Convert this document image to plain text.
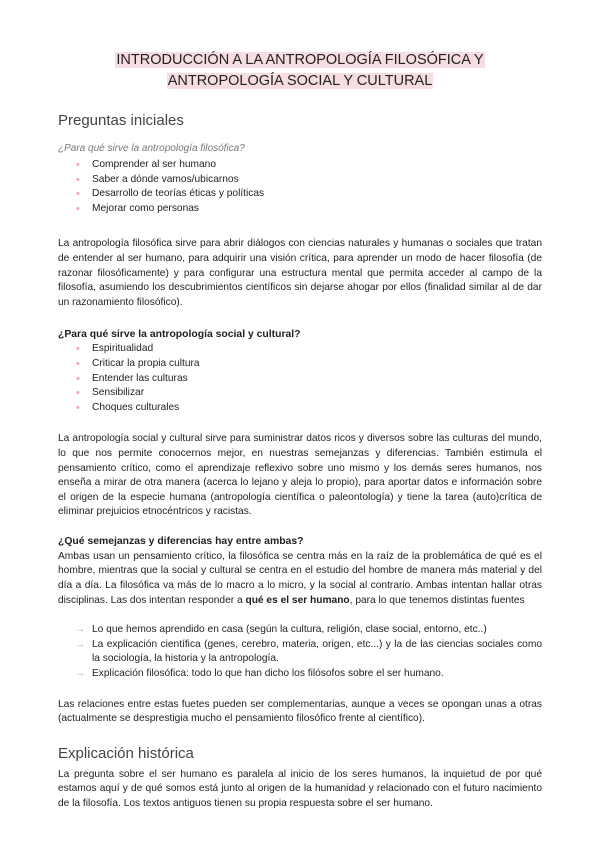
INTRODUCCIÓN A LA ANTROPOLOGÍA FILOSÓFICA Y
ANTROPOLOGÍA SOCIAL Y CULTURAL
Preguntas iniciales

¿Para qué sirve la antropología filosófica?

• Comprender al ser humano
• Saber a dónde vamos/ubicarnos
• Desarrollo de teorías éticas y políticas
• Mejorar como personas

La antropología filosófica sirve para abrir diálogos con ciencias naturales y humanas o sociales que tratan de entender al ser humano, para adquirir una visión crítica, para aprender un modo de hacer filosofía (de razonar filosóficamente) y para configurar una estructura mental que permita acceder al campo de la filosofía, asumiendo los descubrimientos científicos sin dejarse ahogar por ellos (finalidad similar al de dar un razonamiento filosófico).

¿Para qué sirve la antropología social y cultural?

• Espiritualidad
• Criticar la propia cultura
• Entender las culturas
• Sensibilizar
• Choques culturales

La antropología social y cultural sirve para suministrar datos ricos y diversos sobre las culturas del mundo, lo que nos permite conocernos mejor, en nuestras semejanzas y diferencias. También estimula el pensamiento crítico, como el aprendizaje reflexivo sobre uno mismo y los demás seres humanos, nos enseña a mirar de otra manera (acerca lo lejano y aleja lo propio), para aportar datos e información sobre el origen de la especie humana (antropología científica o paleontología) y tiene la tarea (auto)crítica de eliminar prejuicios etnocéntricos y racistas.

¿Qué semejanzas y diferencias hay entre ambas?

Ambas usan un pensamiento crítico, la filosófica se centra más en la raíz de la problemática de qué es el hombre, mientras que la social y cultural se centra en el estudio del hombre de manera más material y del día a día. La filosófica va más de lo macro a lo micro, y la social al contrario. Ambas intentan hallar otras disciplinas. Las dos intentan responder a qué es el ser humano, para lo que tenemos distintas fuentes

→ Lo que hemos aprendido en casa (según la cultura, religión, clase social, entorno, etc..)
→ La explicación científica (genes, cerebro, materia, origen, etc...) y la de las ciencias sociales como la sociología, la historia y la antropología.
→ Explicación filosófica: todo lo que han dicho los filósofos sobre el ser humano.

Las relaciones entre estas fuetes pueden ser complementarias, aunque a veces se opongan unas a otras (actualmente se desprestigia mucho el pensamiento filosófico frente al científico).

Explicación histórica

La pregunta sobre el ser humano es paralela al inicio de los seres humanos, la inquietud de por qué estamos aquí y de qué somos está junto al origen de la humanidad y relacionado con el futuro nacimiento de la filosofía. Los textos antiguos tienen su propia respuesta sobre el ser humano.
